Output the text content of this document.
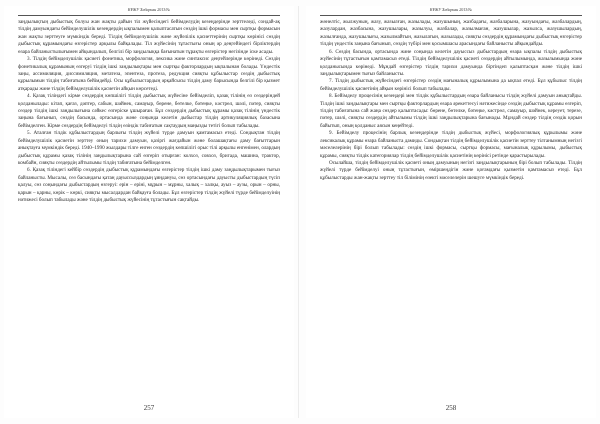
КҰЖУ Хабаршы 2013/№

заңдылықтың дыбыстық болуы жан жақты дайын тіл жүйесіндегі бейімделудің кезеңдерінде зерттеледі, сондай-ақ тілдің дамуындағы бейімделушілік кезеңдердің ықпалымен қалыптасатын сөздің ішкі формасы мен сыртқы формасын жан жақты зерттеуге мүмкіндік береді. Тілдің бейімделушілік және жүйелілік қасиеттерінің сыртқы көрінісі сөздің дыбыстық құрамындағы өзгерістер арқылы байқалады. Тіл жүйесінің тұтастығы оның әр деңгейіндегі бірліктердің өзара байланыстылығымен айқындалып, белгілі бір заңдылыққа бағынатын тұрақты өзгерістер негізінде іске асады.

3. Тілдің бейімделушілік қасиеті фонетика, морфология, лексика және синтаксис деңгейлерінде көрінеді. Сөздің фонетикалық құрамының өзгеруі тілдің ішкі заңдылықтары мен сыртқы факторлардың ықпалынан болады. Үндестік заңы, ассимиляция, диссимиляция, метатеза, эпентеза, протеза, редукция сияқты құбылыстар сөздің дыбыстық құрылымын тілдің табиғатына бейімдейді. Осы құбылыстардың әрқайсысы тілдің даму барысында белгілі бір қызмет атқарады және тілдің бейімделушілік қасиетін айқын көрсетеді.

4. Қазақ тіліндегі кірме сөздердің көпшілігі тілдің дыбыстық жүйесіне бейімделіп, қазақ тілінің өз сөздеріндей қолданылады: кітап, қағаз, дәптер, сабын, шәйнек, самауыр, бөрене, бөтелке, бәтеңке, кәстрөл, шәлі, пәтер, сияқты сөздер тілдің ішкі заңдылығына сәйкес өзгеріске ұшыраған. Бұл сөздердің дыбыстық құрамы қазақ тілінің үндестік заңына бағынып, сөздің басында, ортасында және соңында келетін дыбыстар тілдің артикуляциялық базасына бейімделген. Кірме сөздердің бейімделуі тілдің өзіндік табиғатын сақтаудың маңызды тетігі болып табылады.

5. Аталған тілдік құбылыстардың барлығы тілдің жүйелі түрде дамуын қамтамасыз етеді. Сондықтан тілдің бейімделушілік қасиетін зерттеу оның тарихи дамуын, қазіргі жағдайын және болашақтағы даму бағыттарын анықтауға мүмкіндік береді. 1940–1990 жылдары тілге енген сөздердің көпшілігі орыс тілі арқылы енгенімен, олардың дыбыстық құрамы қазақ тілінің заңдылықтарына сай өзгеріп отырған: колхоз, совхоз, бригада, машина, трактор, комбайн, сияқты сөздердің айтылымы тілдің табиғатына бейімделген.

6. Қазақ тіліндегі кейбір сөздердің дыбыстық құрамындағы өзгерістер тілдің ішкі даму заңдылықтарымен тығыз байланысты. Мысалы, сөз басындағы қатаң дауыссыздардың ұяңдануы, сөз ортасындағы дауысты дыбыстардың түсіп қалуы, сөз соңындағы дыбыстардың өзгеруі: ерін – еріні, мұрын – мұрны, халық – халқы, ауыз – аузы, орын – орны, қарын – қарны, көрік – көркі, сияқты мысалдардан байқауға болады. Бұл өзгерістер тілдің жүйелі түрде бейімделуінің нәтижесі болып табылады және тілдің дыбыстық жүйесінің тұтастығын сақтайды.

257
КҰЖУ Хабаршы 2013/№

жөнелтіс, жылжуның, жазу, жазылған, жазылады, жазушының, жазбадағы, жазбаларына, жазуындағы, жазбалардың, жазулардан, жазбасына, жазушылары, жазылуы, жазбалар, жазылмаған, жазушылар, жазылса, жазушылардың, жазылғанда, жазушылығы, жазылмайтын, жазылатын, жазылады, сияқты сөздердің құрамындағы дыбыстық өзгерістер тілдің үндестік заңына бағынып, сөздің түбірі мен қосымшасы арасындағы байланысты айқындайды.

6. Сөздің басында, ортасында және соңында келетін дауыссыз дыбыстардың өзара ықпалы тілдің дыбыстық жүйесінің тұтастығын қамтамасыз етеді. Тілдің бейімделушілік қасиеті сөздердің айтылымында, жазылымында және қолданысында көрінеді. Мұндай өзгерістер тілдің тарихи дамуында біртіндеп қалыптасқан және тілдің ішкі заңдылықтарымен тығыз байланысты.

7. Тілдің дыбыстық жүйесіндегі өзгерістер сөздің мағыналық құрылымына да ықпал етеді. Бұл құбылыс тілдің бейімделушілік қасиетінің айқын көрінісі болып табылады.

8. Бейімделу процесінің кезеңдері мен тілдік құбылыстардың өзара байланысы тілдің жүйелі дамуын анықтайды. Тілдің ішкі заңдылықтары мен сыртқы факторлардың өзара әрекеттесуі нәтижесінде сөздің дыбыстық құрамы өзгеріп, тілдің табиғатына сай жаңа сөздер қалыптасады: бөрене, бөтелке, бәтеңке, кәстрөл, самауыр, шәйнек, кереует, терезе, пәтер, шәлі, сияқты сөздердің айтылымы тілдің ішкі заңдылықтарына бағынады. Мұндай сөздер тілдің сөздік қорын байытып, оның қолданыс аясын кеңейтеді.

9. Бейімделу процесінің барлық кезеңдерінде тілдің дыбыстық жүйесі, морфологиялық құрылымы және лексикалық құрамы өзара байланыста дамиды. Сондықтан тілдің бейімделушілік қасиетін зерттеу тілтанымның негізгі мәселелерінің бірі болып табылады: сөздің ішкі формасы, сыртқы формасы, мағыналық құрылымы, дыбыстық құрамы, сияқты тілдік категориялар тілдің бейімделушілік қасиетінің көрінісі ретінде қарастырылады.

Осылайша, тілдің бейімделушілік қасиеті оның дамуының негізгі заңдылықтарының бірі болып табылады. Тілдің жүйелі түрде бейімделуі оның тұтастығын, өміршеңдігін және қоғамдағы қызметін қамтамасыз етеді. Бұл құбылыстарды жан-жақты зерттеу тіл білімінің өзекті мәселелерін шешуге мүмкіндік береді.

258
